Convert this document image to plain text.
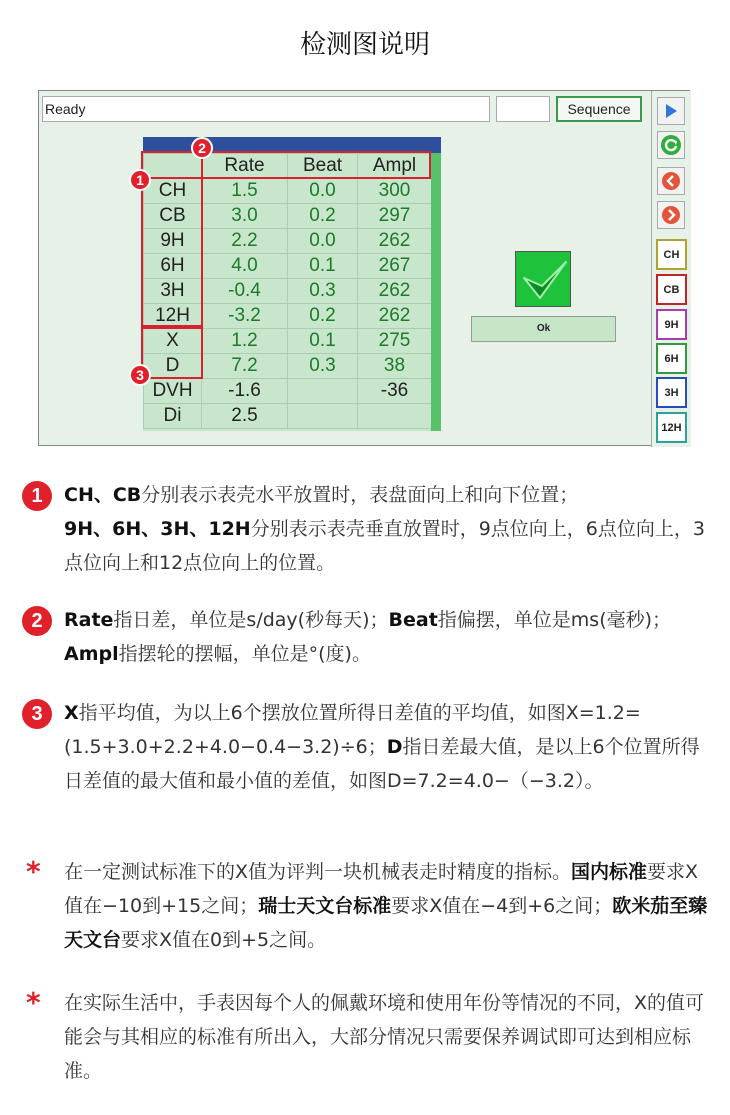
检测图说明
Ready	Sequence
	Rate	Beat	Ampl
CH	1.5	0.0	300
CB	3.0	0.2	297
9H	2.2	0.0	262
6H	4.0	0.1	267
3H	-0.4	0.3	262
12H	-3.2	0.2	262
X	1.2	0.1	275
D	7.2	0.3	38
DVH	-1.6		-36
Di	2.5		
2
1
3
Ok
CH
CB
9H
6H
3H
12H
1	CH、CB分别表示表壳水平放置时，表盘面向上和向下位置；
9H、6H、3H、12H分别表示表壳垂直放置时，9点位向上，6点位向上，3点位向上和12点位向上的位置。
2	Rate指日差，单位是s/day(秒每天)；Beat指偏摆，单位是ms(毫秒)；Ampl指摆轮的摆幅，单位是°(度)。
3	X指平均值，为以上6个摆放位置所得日差值的平均值，如图X=1.2=(1.5+3.0+2.2+4.0−0.4−3.2)÷6；D指日差最大值，是以上6个位置所得日差值的最大值和最小值的差值，如图D=7.2=4.0−（−3.2）。
* 在一定测试标准下的X值为评判一块机械表走时精度的指标。国内标准要求X值在−10到+15之间；瑞士天文台标准要求X值在−4到+6之间；欧米茄至臻天文台要求X值在0到+5之间。
* 在实际生活中，手表因每个人的佩戴环境和使用年份等情况的不同，X的值可能会与其相应的标准有所出入，大部分情况只需要保养调试即可达到相应标准。
